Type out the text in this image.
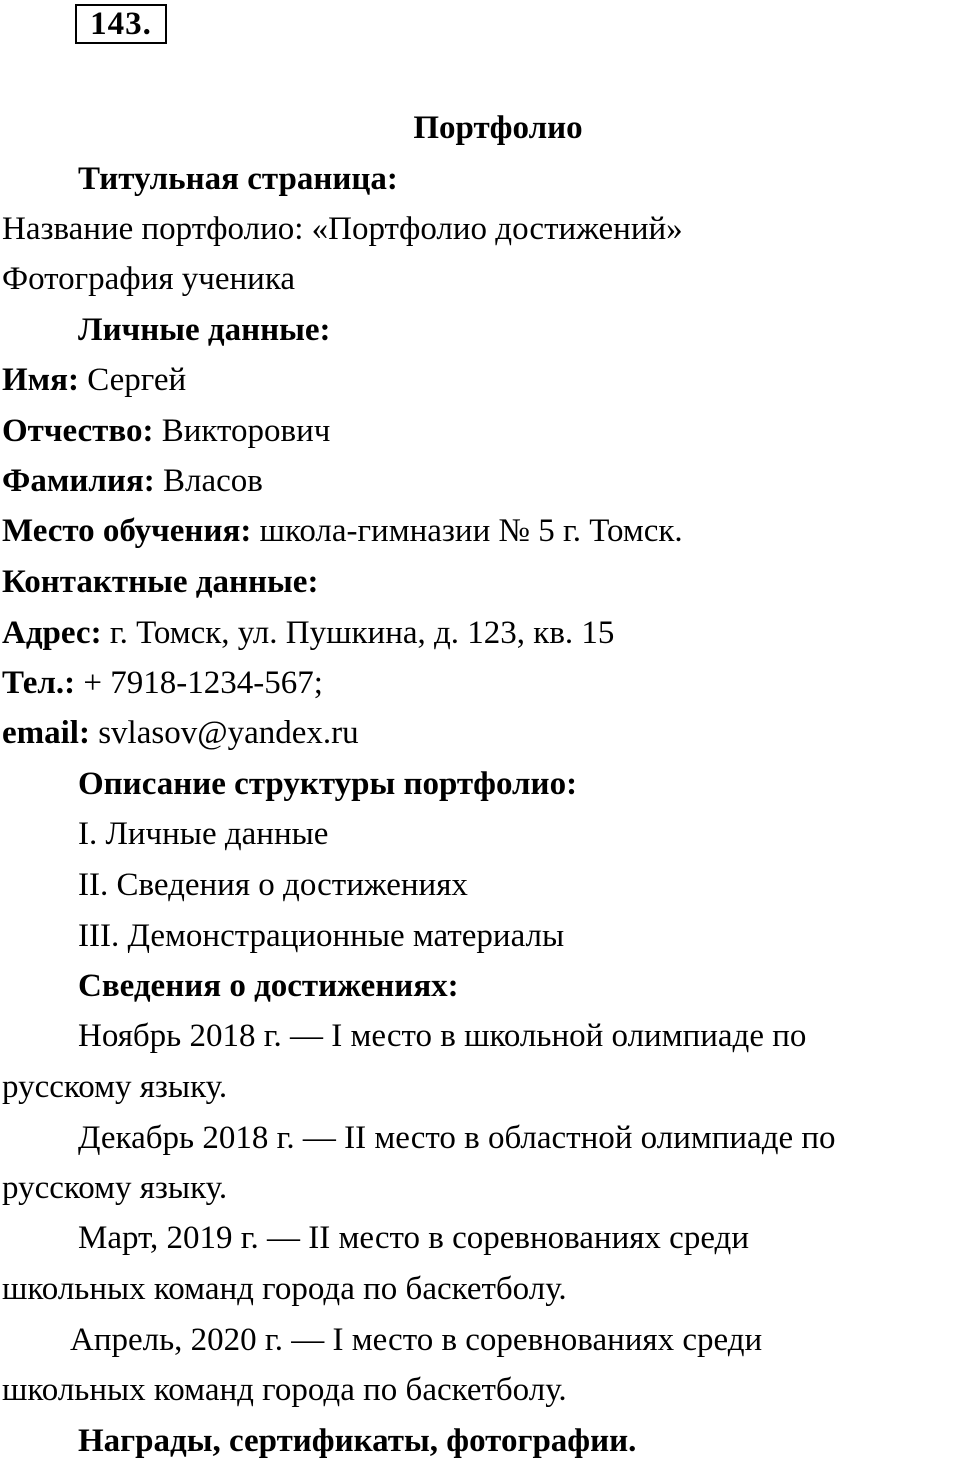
143.
Портфолио
Титульная страница:
Название портфолио: «Портфолио достижений»
Фотография ученика
Личные данные:
Имя: Сергей
Отчество: Викторович
Фамилия: Власов
Место обучения: школа-гимназии № 5 г. Томск.
Контактные данные:
Адрес: г. Томск, ул. Пушкина, д. 123, кв. 15
Тел.: + 7918-1234-567;
email: svlasov@yandex.ru
Описание структуры портфолио:
I. Личные данные
II. Сведения о достижениях
III. Демонстрационные материалы
Сведения о достижениях:
Ноябрь 2018 г. — I место в школьной олимпиаде по
русскому языку.
Декабрь 2018 г. — II место в областной олимпиаде по
русскому языку.
Март, 2019 г. — II место в соревнованиях среди
школьных команд города по баскетболу.
Апрель, 2020 г. — I место в соревнованиях среди
школьных команд города по баскетболу.
Награды, сертификаты, фотографии.
